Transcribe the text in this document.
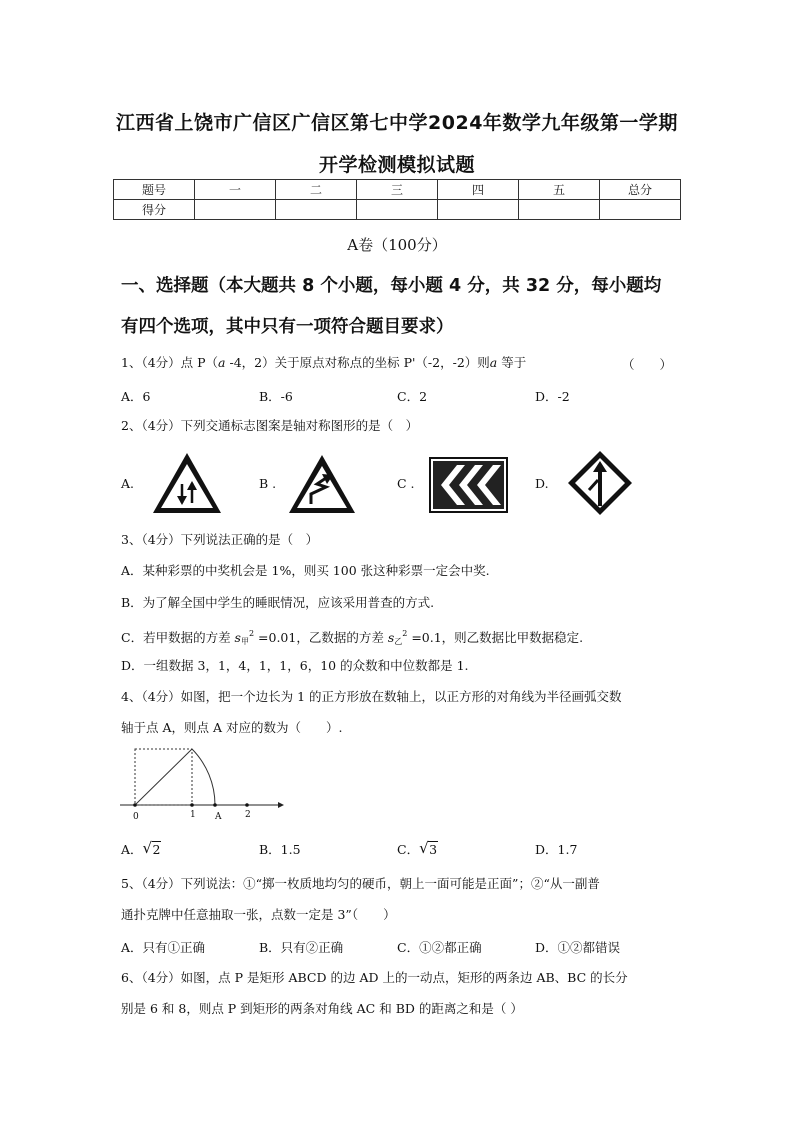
江西省上饶市广信区广信区第七中学2024年数学九年级第一学期
开学检测模拟试题
题号	一	二	三	四	五	总分
得分						
A卷（100分）
一、选择题（本大题共 8 个小题，每小题 4 分，共 32 分，每小题均
有四个选项，其中只有一项符合题目要求）
1、（4分）点 P（a -4，2）关于原点对称点的坐标 P'（-2，-2）则a 等于	（　　）
A．6	B．-6	C．2	D．-2
2、（4分）下列交通标志图案是轴对称图形的是（　）
A.	B .	C .	D.
3、（4分）下列说法正确的是（　）
A．某种彩票的中奖机会是 1%，则买 100 张这种彩票一定会中奖.
B．为了解全国中学生的睡眠情况，应该采用普查的方式.
C．若甲数据的方差 $s_甲^2 =0.01$，乙数据的方差 $s_乙^2 =0.1$，则乙数据比甲数据稳定.
D．一组数据 3，1，4，1，1，6，10 的众数和中位数都是 1.
4、（4分）如图，把一个边长为 1 的正方形放在数轴上，以正方形的对角线为半径画弧交数
轴于点 A，则点 A 对应的数为（　　）.
0	1 A	2
A． √ 2	B．1.5	C． √ 3	D．1.7
5、（4分）下列说法：①“掷一枚质地均匀的硬币，朝上一面可能是正面”；②“从一副普
通扑克牌中任意抽取一张，点数一定是 3”（　　）
A．只有①正确	B．只有②正确	C．①②都正确	D．①②都错误
6、（4分）如图，点 P 是矩形 ABCD 的边 AD 上的一动点，矩形的两条边 AB、BC 的长分
别是 6 和 8，则点 P 到矩形的两条对角线 AC 和 BD 的距离之和是（ ）
